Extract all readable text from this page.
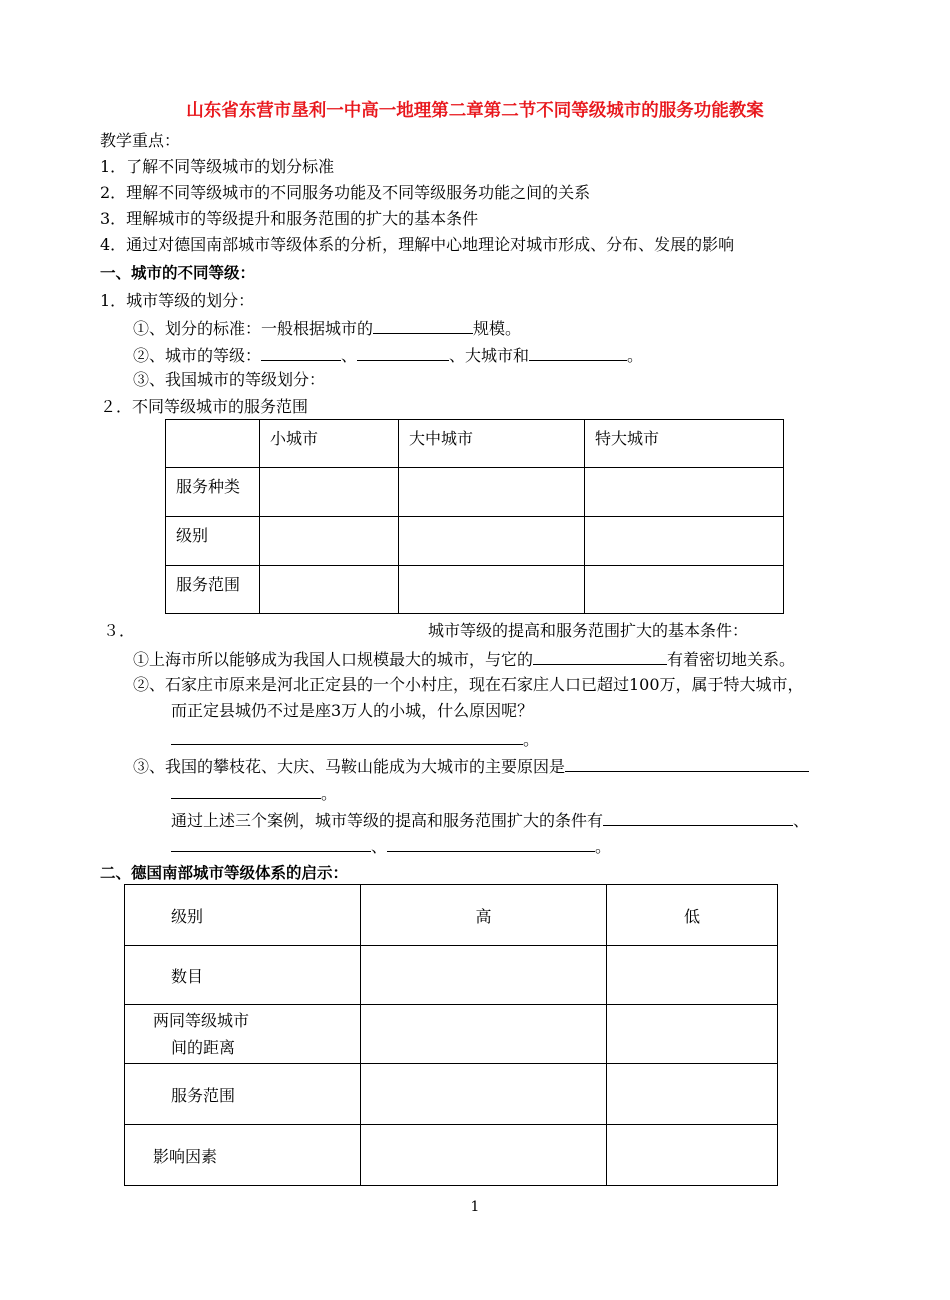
山东省东营市垦利一中高一地理第二章第二节不同等级城市的服务功能教案
教学重点：
1．了解不同等级城市的划分标准
2．理解不同等级城市的不同服务功能及不同等级服务功能之间的关系
3．理解城市的等级提升和服务范围的扩大的基本条件
4．通过对德国南部城市等级体系的分析，理解中心地理论对城市形成、分布、发展的影响
一、城市的不同等级：
1．城市等级的划分：
①、划分的标准：一般根据城市的	规模。
②、城市的等级：	、	、大城市和	。
③、我国城市的等级划分：
２．不同等级城市的服务范围
	小城市	大中城市	特大城市
服务种类			
级别			
服务范围			
３．	城市等级的提高和服务范围扩大的基本条件：
①上海市所以能够成为我国人口规模最大的城市，与它的	有着密切地关系。
②、石家庄市原来是河北正定县的一个小村庄，现在石家庄人口已超过100万，属于特大城市，
而正定县城仍不过是座3万人的小城，什么原因呢？
。
③、我国的攀枝花、大庆、马鞍山能成为大城市的主要原因是
。
通过上述三个案例，城市等级的提高和服务范围扩大的条件有	、
、	。
二、德国南部城市等级体系的启示：
级别	高	低
数目		

两同等级城市
间的距离		

服务范围		
影响因素		
1
